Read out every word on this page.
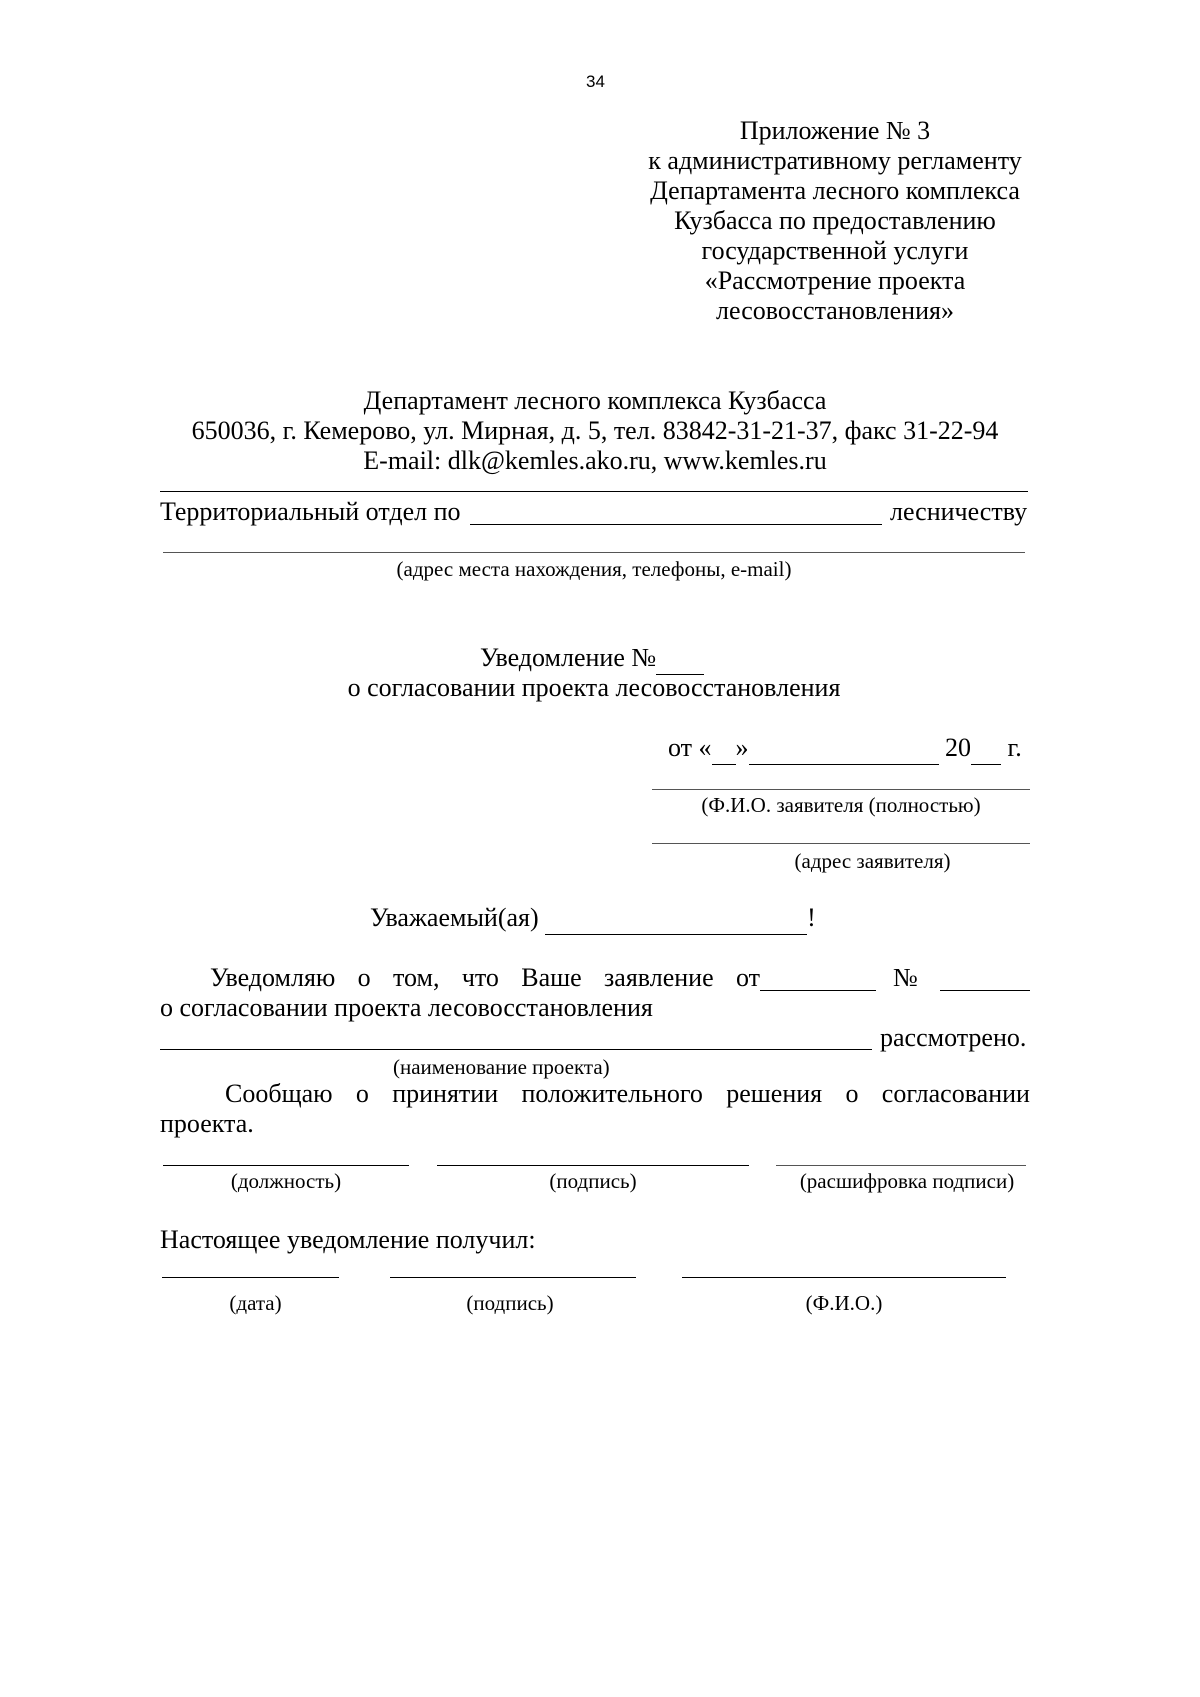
34
Приложение № 3
к административному регламенту
Департамента лесного комплекса
Кузбасса по предоставлению
государственной услуги
«Рассмотрение проекта
лесовосстановления»
Департамент лесного комплекса Кузбасса
650036, г. Кемерово, ул. Мирная, д. 5, тел. 83842-31-21-37, факс 31-22-94
E-mail: dlk@kemles.ako.ru, www.kemles.ru
Территориальный отдел по	лесничеству
(адрес места нахождения, телефоны, e-mail)
Уведомление №
о согласовании проекта лесовосстановления
от « »	20 г.
(Ф.И.О. заявителя (полностью)
(адрес заявителя)
Уважаемый(ая)	!
Уведомляю о том, что Ваше заявление от	№
о согласовании проекта лесовосстановления
рассмотрено.
(наименование проекта)
Сообщаю о принятии положительного решения о согласовании
проекта.
(должность)	(подпись)	(расшифровка подписи)
Настоящее уведомление получил:
(дата)	(подпись)	(Ф.И.О.)
